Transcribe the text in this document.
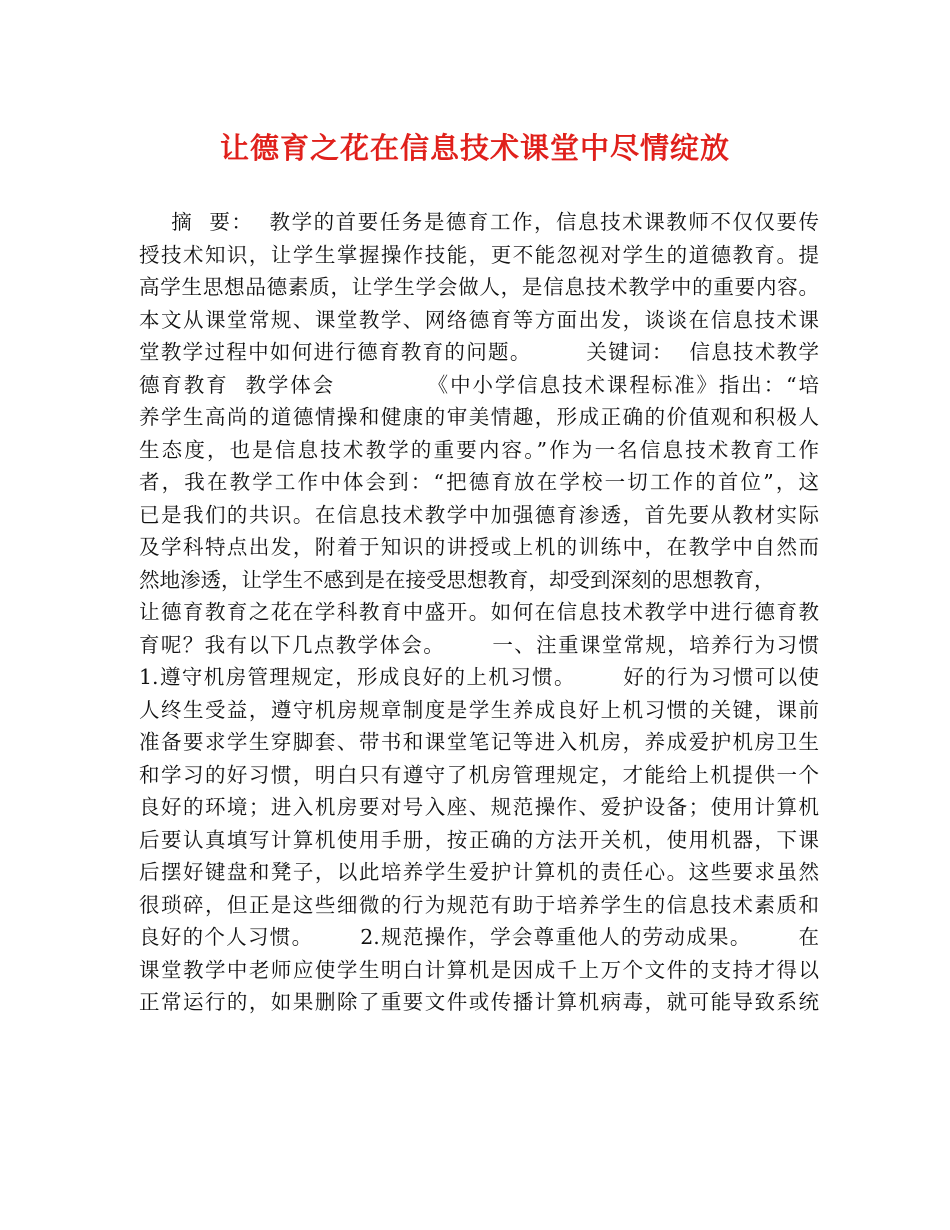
让德育之花在信息技术课堂中尽情绽放
摘  要：  教学的首要任务是德育工作，信息技术课教师不仅仅要传
授技术知识，让学生掌握操作技能，更不能忽视对学生的道德教育。提
高学生思想品德素质，让学生学会做人，是信息技术教学中的重要内容。
本文从课堂常规、课堂教学、网络德育等方面出发，谈谈在信息技术课
堂教学过程中如何进行德育教育的问题。       关键词：  信息技术教学
德育教育  教学体会           《中小学信息技术课程标准》指出：“培
养学生高尚的道德情操和健康的审美情趣，形成正确的价值观和积极人
生态度，也是信息技术教学的重要内容。”作为一名信息技术教育工作
者，我在教学工作中体会到：“把德育放在学校一切工作的首位”，这
已是我们的共识。在信息技术教学中加强德育渗透，首先要从教材实际
及学科特点出发，附着于知识的讲授或上机的训练中，在教学中自然而
然地渗透，让学生不感到是在接受思想教育，却受到深刻的思想教育，
让德育教育之花在学科教育中盛开。如何在信息技术教学中进行德育教
育呢？我有以下几点教学体会。      一、注重课堂常规，培养行为习惯
1.遵守机房管理规定，形成良好的上机习惯。      好的行为习惯可以使
人终生受益，遵守机房规章制度是学生养成良好上机习惯的关键，课前
准备要求学生穿脚套、带书和课堂笔记等进入机房，养成爱护机房卫生
和学习的好习惯，明白只有遵守了机房管理规定，才能给上机提供一个
良好的环境；进入机房要对号入座、规范操作、爱护设备；使用计算机
后要认真填写计算机使用手册，按正确的方法开关机，使用机器，下课
后摆好键盘和凳子，以此培养学生爱护计算机的责任心。这些要求虽然
很琐碎，但正是这些细微的行为规范有助于培养学生的信息技术素质和
良好的个人习惯。      2.规范操作，学会尊重他人的劳动成果。      在
课堂教学中老师应使学生明白计算机是因成千上万个文件的支持才得以
正常运行的，如果删除了重要文件或传播计算机病毒，就可能导致系统
